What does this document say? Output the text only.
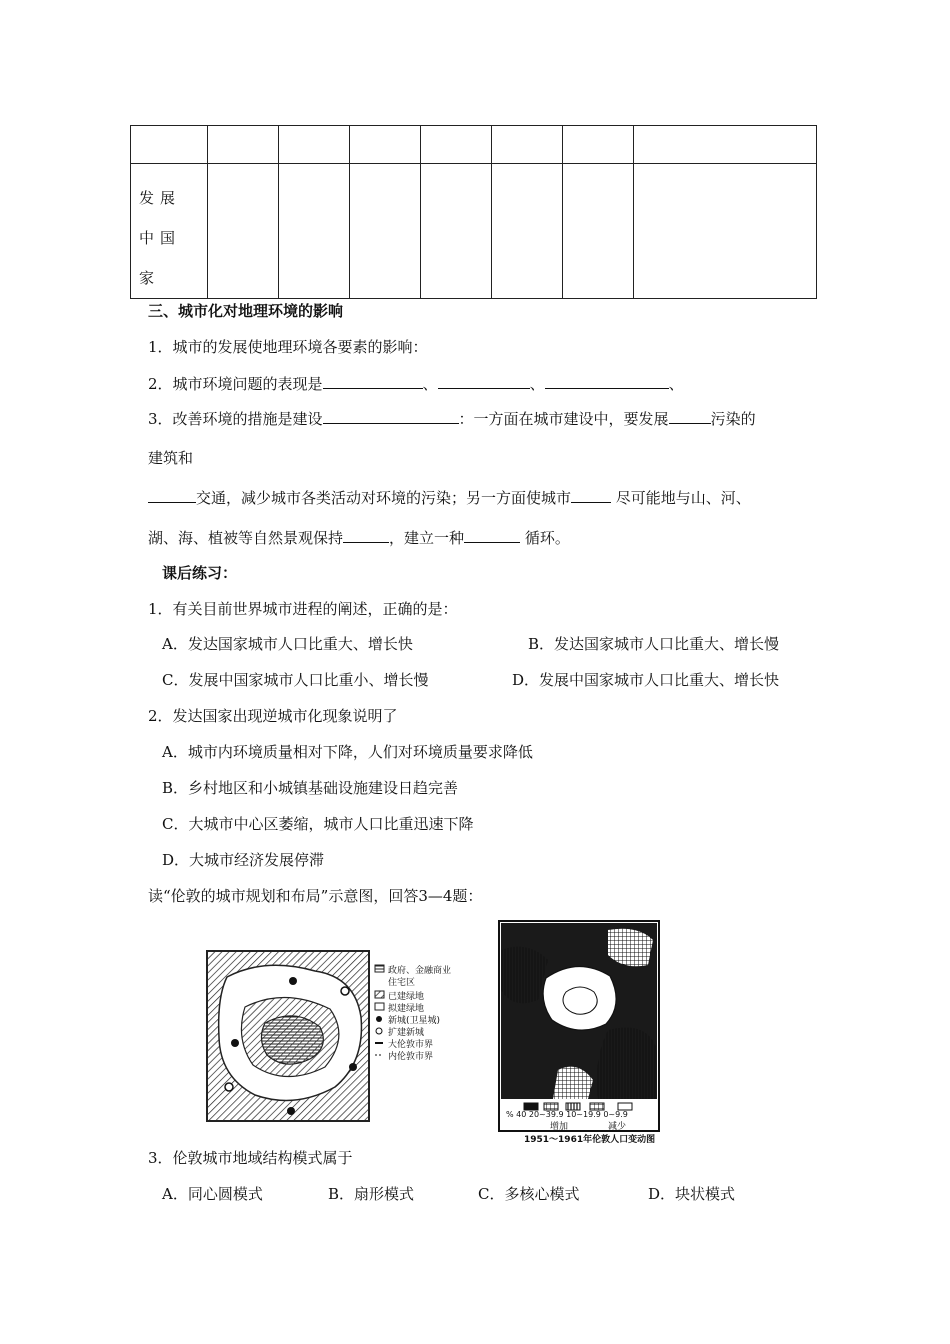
发展中国家							

三、城市化对地理环境的影响
1．城市的发展使地理环境各要素的影响：
2．城市环境问题的表现是	、	、	、
3．改善环境的措施是建设	：一方面在城市建设中，要发展	污染的
建筑和
交通，减少城市各类活动对环境的污染；另一方面使城市	尽可能地与山、河、
湖、海、植被等自然景观保持	，建立一种	循环。
课后练习：
1．有关目前世界城市进程的阐述，正确的是：
A．发达国家城市人口比重大、增长快	B．发达国家城市人口比重大、增长慢
C．发展中国家城市人口比重小、增长慢	D．发展中国家城市人口比重大、增长快
2．发达国家出现逆城市化现象说明了
A．城市内环境质量相对下降，人们对环境质量要求降低
B．乡村地区和小城镇基础设施建设日趋完善
C．大城市中心区萎缩，城市人口比重迅速下降
D．大城市经济发展停滞
读“伦敦的城市规划和布局”示意图，回答3—4题：
政府、金融商业
住宅区
已建绿地
拟建绿地
新城(卫星城)
扩建新城
大伦敦市界
内伦敦市界
% 40 20~39.9 10~19.9 0~9.9
增加	减少
1951～1961年伦敦人口变动图
3．伦敦城市地域结构模式属于
A．同心圆模式	B．扇形模式	C．多核心模式	D．块状模式
